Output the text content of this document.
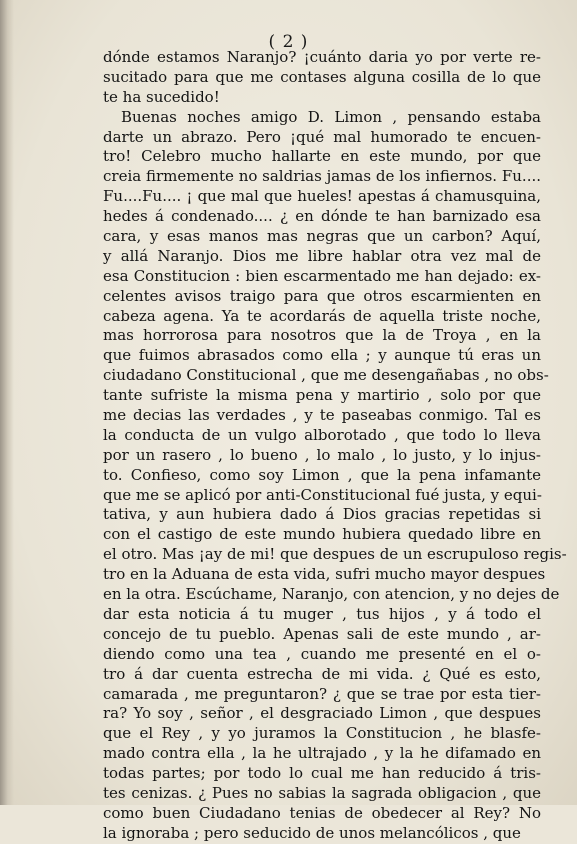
( 2 )
dónde estamos Naranjo? ¡cuánto daria yo por verte re-
sucitado para que me contases alguna cosilla de lo que
te ha sucedido!
Buenas noches amigo D. Limon , pensando estaba
darte un abrazo. Pero ¡qué mal humorado te encuen-
tro! Celebro mucho hallarte en este mundo, por que
creia firmemente no saldrias jamas de los infiernos. Fu....
Fu....Fu.... ¡ que mal que hueles! apestas á chamusquina,
hedes á condenado.... ¿ en dónde te han barnizado esa
cara, y esas manos mas negras que un carbon? Aquí,
y allá Naranjo. Dios me libre hablar otra vez mal de
esa Constitucion : bien escarmentado me han dejado: ex-
celentes avisos traigo para que otros escarmienten en
cabeza agena. Ya te acordarás de aquella triste noche,
mas horrorosa para nosotros que la de Troya , en la
que fuimos abrasados como ella ; y aunque tú eras un
ciudadano Constitucional , que me desengañabas , no obs-
tante sufriste la misma pena y martirio , solo por que
me decias las verdades , y te paseabas conmigo. Tal es
la conducta de un vulgo alborotado , que todo lo lleva
por un rasero , lo bueno , lo malo , lo justo, y lo injus-
to. Confieso, como soy Limon , que la pena infamante
que me se aplicó por anti-Constitucional fué justa, y equi-
tativa, y aun hubiera dado á Dios gracias repetidas si
con el castigo de este mundo hubiera quedado libre en
el otro. Mas ¡ay de mi! que despues de un escrupuloso regis-
tro en la Aduana de esta vida, sufri mucho mayor despues
en la otra. Escúchame, Naranjo, con atencion, y no dejes de
dar esta noticia á tu muger , tus hijos , y á todo el
concejo de tu pueblo. Apenas sali de este mundo , ar-
diendo como una tea , cuando me presenté en el o-
tro á dar cuenta estrecha de mi vida. ¿ Qué es esto,
camarada , me preguntaron? ¿ que se trae por esta tier-
ra? Yo soy , señor , el desgraciado Limon , que despues
que el Rey , y yo juramos la Constitucion , he blasfe-
mado contra ella , la he ultrajado , y la he difamado en
todas partes; por todo lo cual me han reducido á tris-
tes cenizas. ¿ Pues no sabias la sagrada obligacion , que
como buen Ciudadano tenias de obedecer al Rey? No
la ignoraba ; pero seducido de unos melancólicos , que
